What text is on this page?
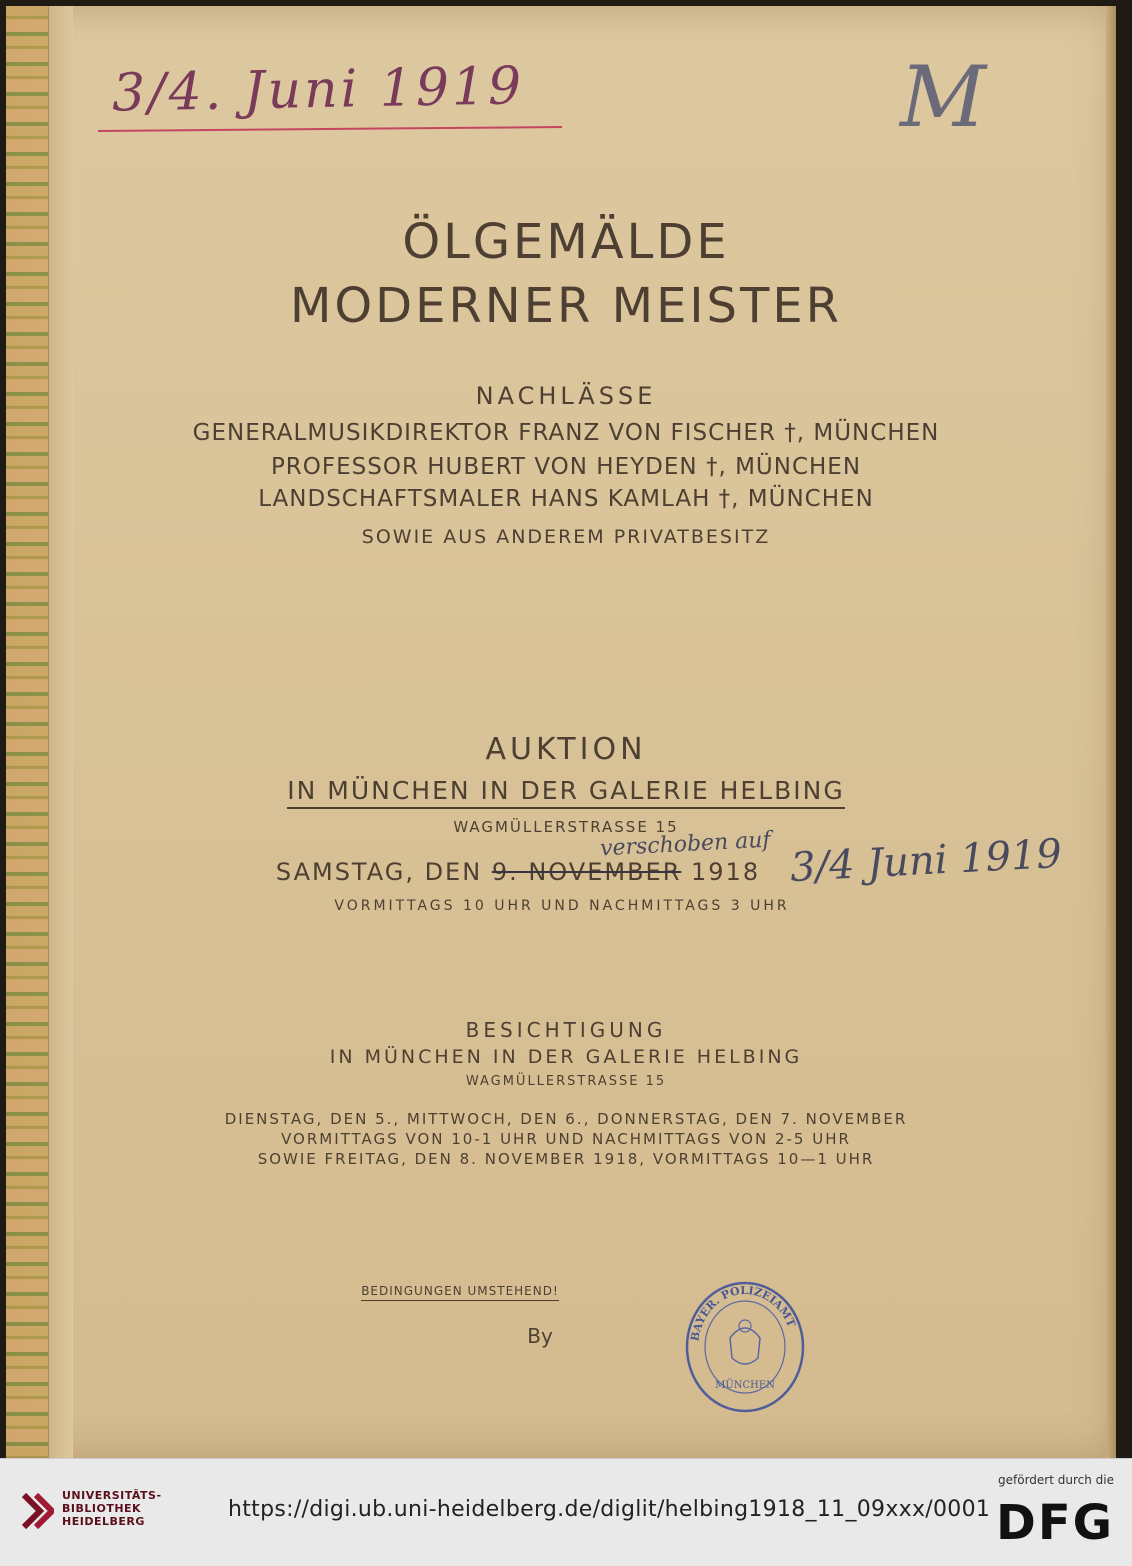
3/4. Juni 1919	M
ÖLGEMÄLDE
MODERNER MEISTER
NACHLÄSSE
GENERALMUSIKDIREKTOR FRANZ VON FISCHER †, MÜNCHEN
PROFESSOR HUBERT VON HEYDEN †, MÜNCHEN
LANDSCHAFTSMALER HANS KAMLAH †, MÜNCHEN
SOWIE AUS ANDEREM PRIVATBESITZ
AUKTION
IN MÜNCHEN IN DER GALERIE HELBING
WAGMÜLLERSTRASSE 15
SAMSTAG, DEN 9. NOVEMBER 1918
VORMITTAGS 10 UHR UND NACHMITTAGS 3 UHR
verschoben auf 3/4 Juni 1919
BESICHTIGUNG
IN MÜNCHEN IN DER GALERIE HELBING
WAGMÜLLERSTRASSE 15
DIENSTAG, DEN 5., MITTWOCH, DEN 6., DONNERSTAG, DEN 7. NOVEMBER
VORMITTAGS VON 10-1 UHR UND NACHMITTAGS VON 2-5 UHR
SOWIE FREITAG, DEN 8. NOVEMBER 1918, VORMITTAGS 10—1 UHR
BEDINGUNGEN UMSTEHEND!
By	BAYER. POLIZEIAMT
MÜNCHEN
UNIVERSITÄTS-
BIBLIOTHEK
HEIDELBERG	https://digi.ub.uni-heidelberg.de/diglit/helbing1918_11_09xxx/0001
gefördert durch die
DFG
